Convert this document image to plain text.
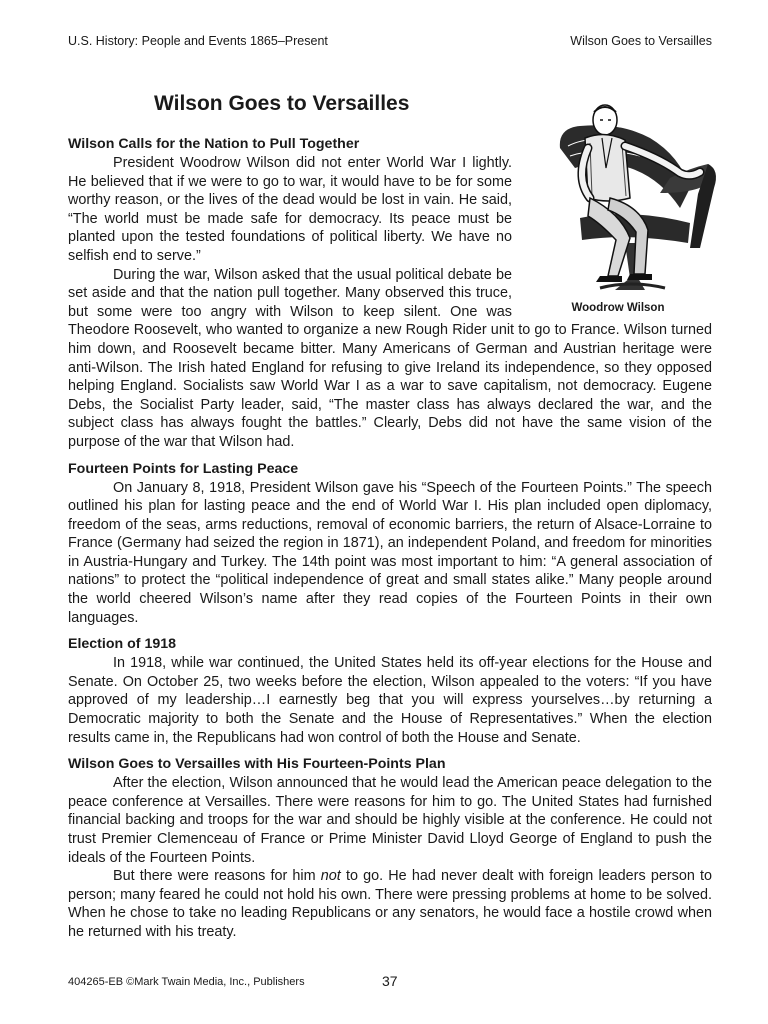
U.S. History: People and Events 1865–Present	Wilson Goes to Versailles
Wilson Goes to Versailles
Woodrow Wilson
Wilson Calls for the Nation to Pull Together

President Woodrow Wilson did not enter World War I lightly. He believed that if we were to go to war, it would have to be for some worthy reason, or the lives of the dead would be lost in vain. He said, “The world must be made safe for democracy. Its peace must be planted upon the tested foundations of political liberty. We have no selfish end to serve.”

During the war, Wilson asked that the usual political debate be set aside and that the nation pull together. Many observed this truce, but some were too angry with Wilson to keep silent. One was Theodore Roosevelt, who wanted to organize a new Rough Rider unit to go to France. Wilson turned him down, and Roosevelt became bitter. Many Americans of German and Austrian heritage were anti-Wilson. The Irish hated England for refusing to give Ireland its independence, so they opposed helping England. Socialists saw World War I as a war to save capitalism, not democracy. Eugene Debs, the Socialist Party leader, said, “The master class has always declared the war, and the subject class has always fought the battles.” Clearly, Debs did not have the same vision of the purpose of the war that Wilson had.

Fourteen Points for Lasting Peace

On January 8, 1918, President Wilson gave his “Speech of the Fourteen Points.” The speech outlined his plan for lasting peace and the end of World War I. His plan included open diplomacy, freedom of the seas, arms reductions, removal of economic barriers, the return of Alsace-Lorraine to France (Germany had seized the region in 1871), an independent Poland, and freedom for minorities in Austria-Hungary and Turkey. The 14th point was most important to him: “A general association of nations” to protect the “political independence of great and small states alike.” Many people around the world cheered Wilson’s name after they read copies of the Fourteen Points in their own languages.

Election of 1918

In 1918, while war continued, the United States held its off-year elections for the House and Senate. On October 25, two weeks before the election, Wilson appealed to the voters: “If you have approved of my leadership…I earnestly beg that you will express yourselves…by returning a Democratic majority to both the Senate and the House of Representatives.” When the election results came in, the Republicans had won control of both the House and Senate.

Wilson Goes to Versailles with His Fourteen-Points Plan

After the election, Wilson announced that he would lead the American peace delegation to the peace conference at Versailles. There were reasons for him to go. The United States had furnished financial backing and troops for the war and should be highly visible at the conference. He could not trust Premier Clemenceau of France or Prime Minister David Lloyd George of England to push the ideals of the Fourteen Points.

But there were reasons for him not to go. He had never dealt with foreign leaders person to person; many feared he could not hold his own. There were pressing problems at home to be solved. When he chose to take no leading Republicans or any senators, he would face a hostile crowd when he returned with his treaty.

404265-EB ©Mark Twain Media, Inc., Publishers	37
